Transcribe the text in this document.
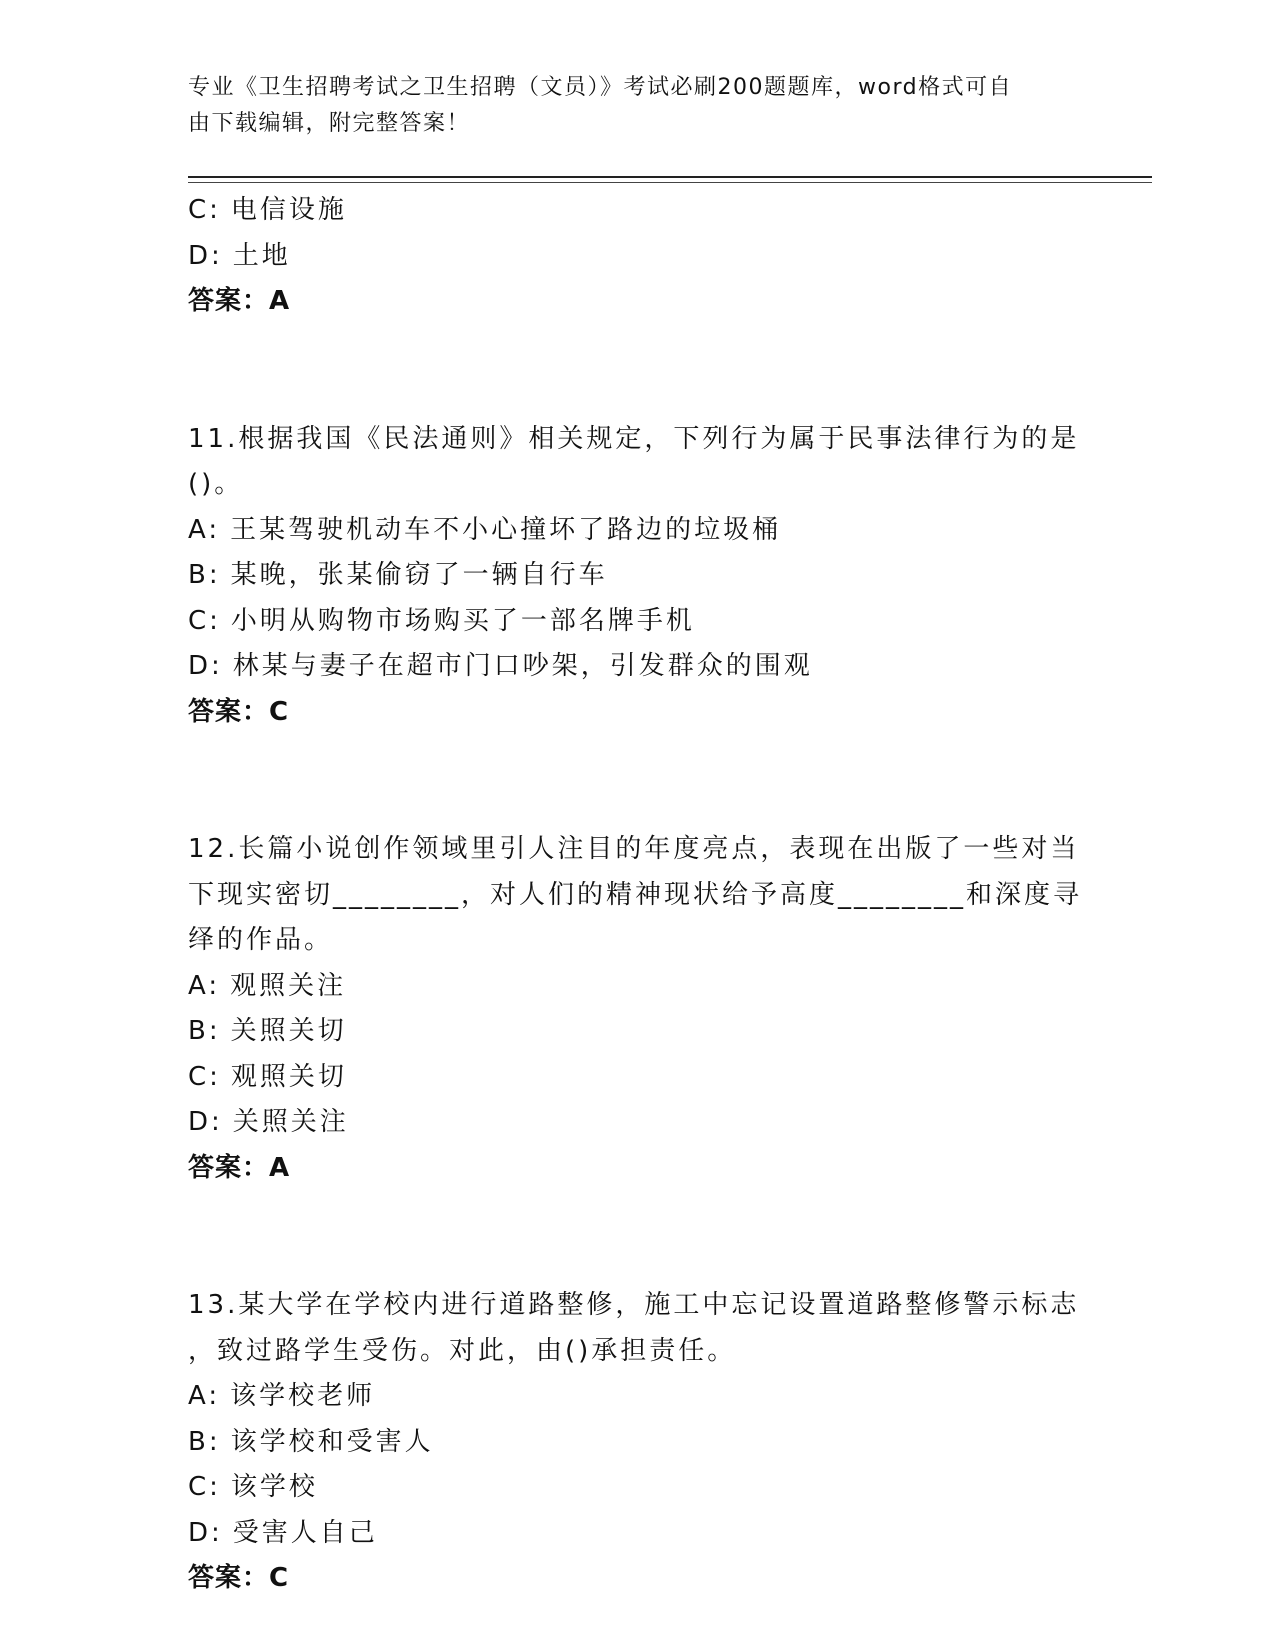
专业《卫生招聘考试之卫生招聘（文员）》考试必刷200题题库，word格式可自
由下载编辑，附完整答案！
C: 电信设施
D: 土地
答案：A
11.根据我国《民法通则》相关规定，下列行为属于民事法律行为的是
()。
A: 王某驾驶机动车不小心撞坏了路边的垃圾桶
B: 某晚，张某偷窃了一辆自行车
C: 小明从购物市场购买了一部名牌手机
D: 林某与妻子在超市门口吵架，引发群众的围观
答案：C
12.长篇小说创作领域里引人注目的年度亮点，表现在出版了一些对当
下现实密切________，对人们的精神现状给予高度________和深度寻
绎的作品。
A: 观照关注
B: 关照关切
C: 观照关切
D: 关照关注
答案：A
13.某大学在学校内进行道路整修，施工中忘记设置道路整修警示标志
，致过路学生受伤。对此，由()承担责任。
A: 该学校老师
B: 该学校和受害人
C: 该学校
D: 受害人自己
答案：C
